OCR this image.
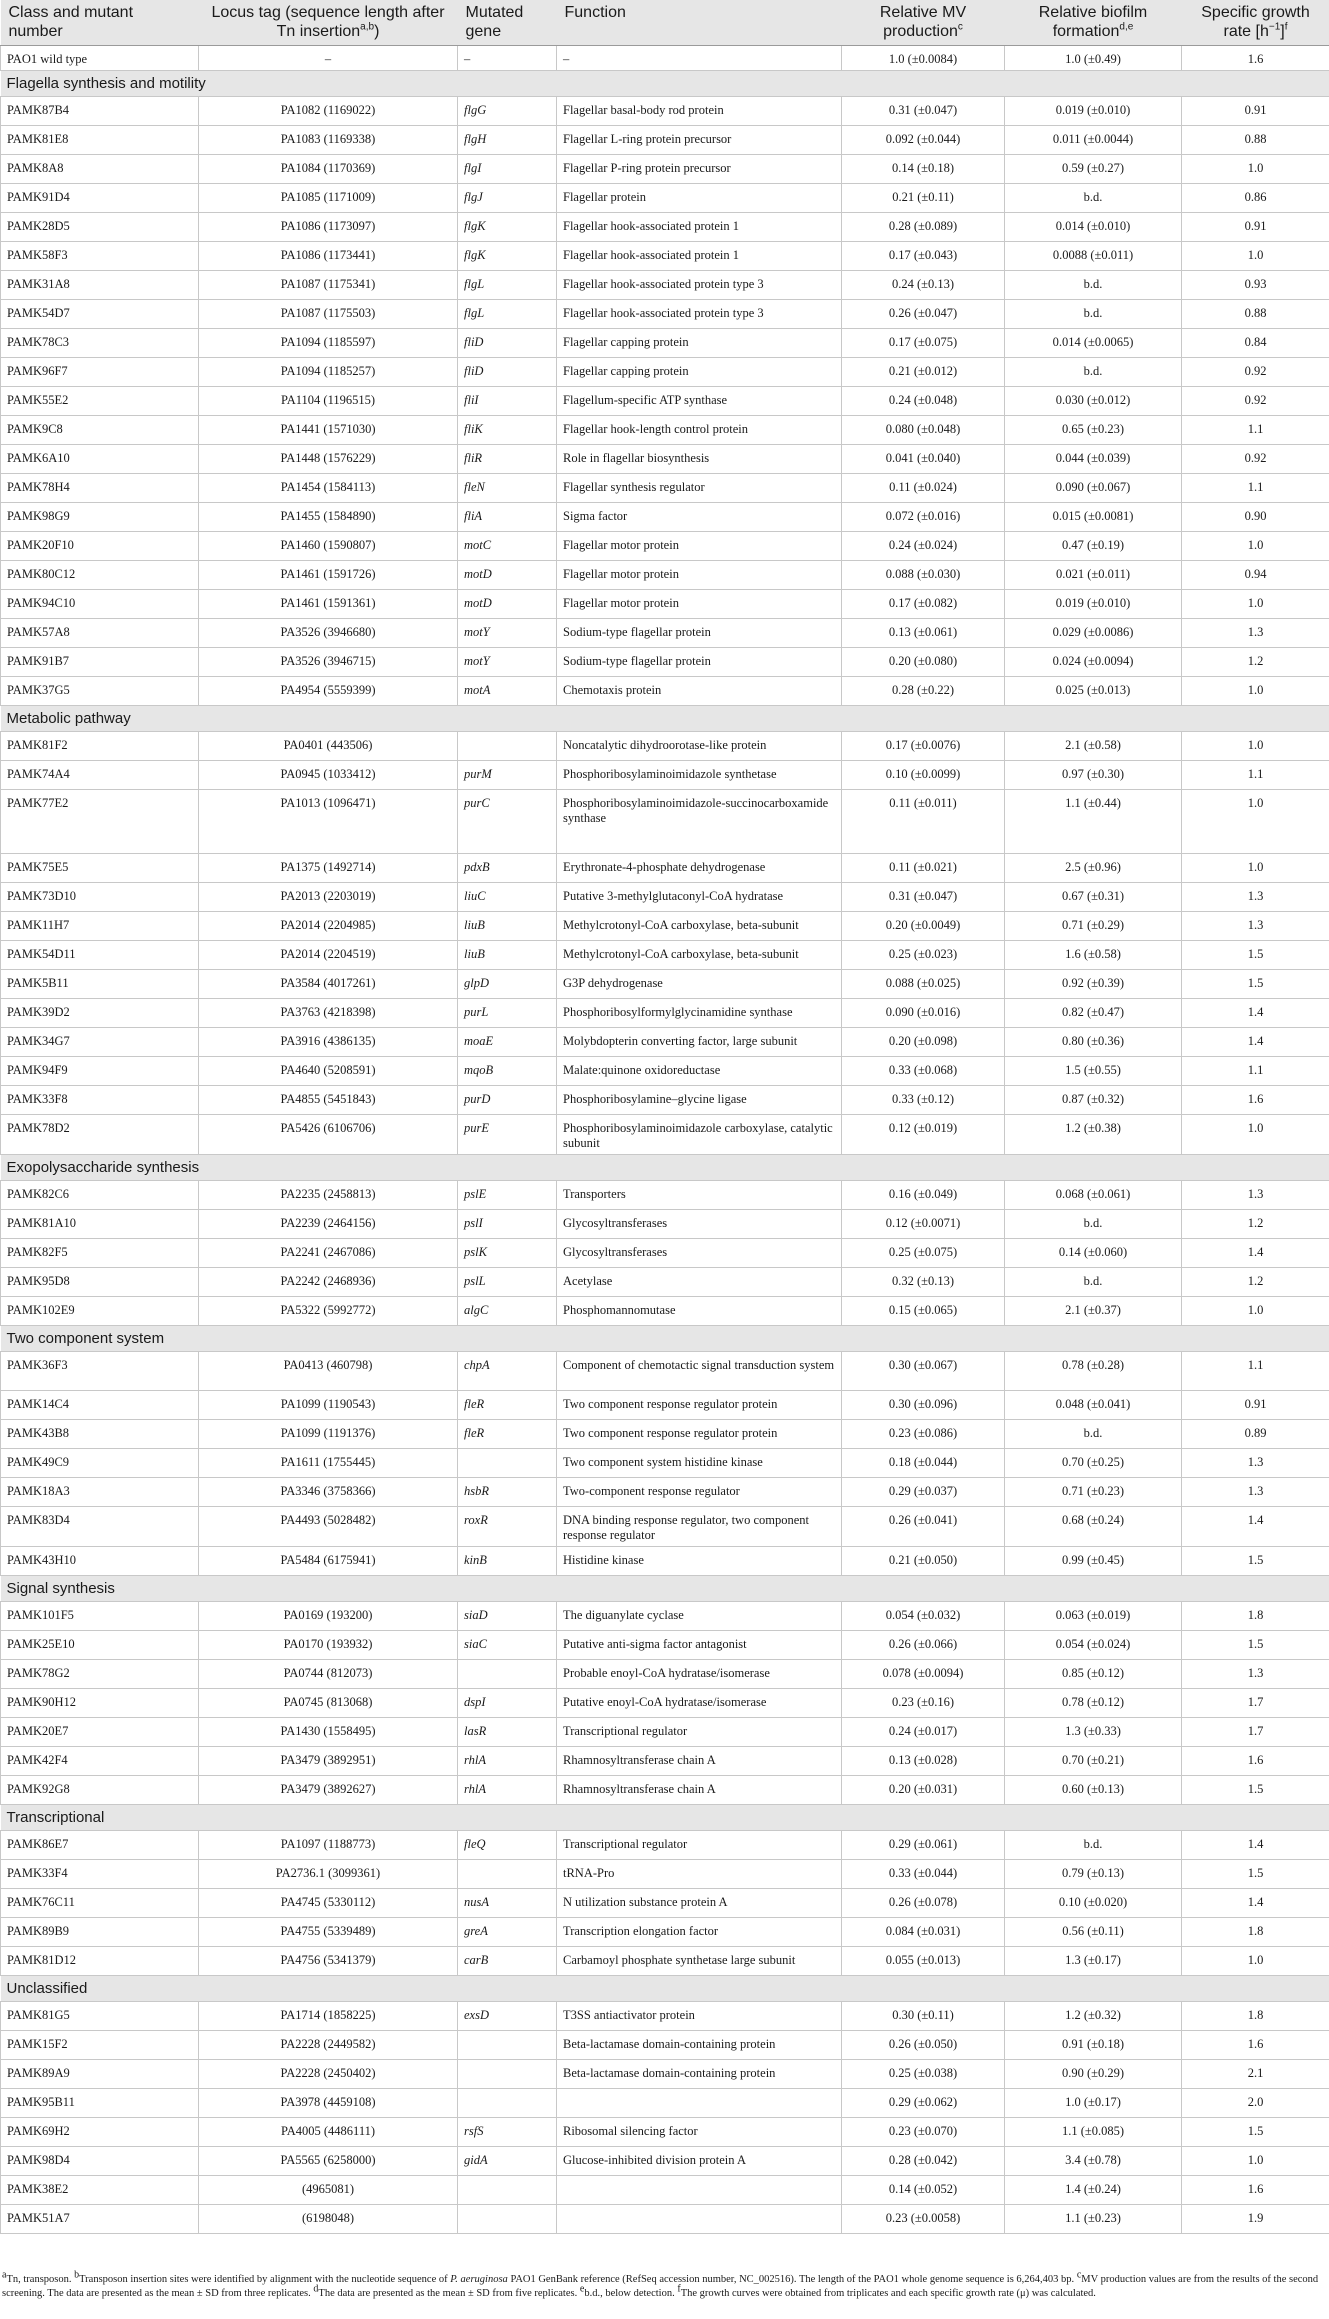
Class and mutant number	Locus tag (sequence length after Tn insertion$^{a,b}$)	Mutated gene	Function	Relative MV production$^c$	Relative biofilm formation$^{d,e}$	Specific growth rate $[h^{-1}]^f$
PAO1 wild type	–	–	–	1.0 (±0.0084)	1.0 (±0.49)	1.6
Flagella synthesis and motility						
PAMK87B4	PA1082 (1169022)	flgG	Flagellar basal-body rod protein	0.31 (±0.047)	0.019 (±0.010)	0.91
PAMK81E8	PA1083 (1169338)	flgH	Flagellar L-ring protein precursor	0.092 (±0.044)	0.011 (±0.0044)	0.88
PAMK8A8	PA1084 (1170369)	flgI	Flagellar P-ring protein precursor	0.14 (±0.18)	0.59 (±0.27)	1.0
PAMK91D4	PA1085 (1171009)	flgJ	Flagellar protein	0.21 (±0.11)	b.d.	0.86
PAMK28D5	PA1086 (1173097)	flgK	Flagellar hook-associated protein 1	0.28 (±0.089)	0.014 (±0.010)	0.91
PAMK58F3	PA1086 (1173441)	flgK	Flagellar hook-associated protein 1	0.17 (±0.043)	0.0088 (±0.011)	1.0
PAMK31A8	PA1087 (1175341)	flgL	Flagellar hook-associated protein type 3	0.24 (±0.13)	b.d.	0.93
PAMK54D7	PA1087 (1175503)	flgL	Flagellar hook-associated protein type 3	0.26 (±0.047)	b.d.	0.88
PAMK78C3	PA1094 (1185597)	fliD	Flagellar capping protein	0.17 (±0.075)	0.014 (±0.0065)	0.84
PAMK96F7	PA1094 (1185257)	fliD	Flagellar capping protein	0.21 (±0.012)	b.d.	0.92
PAMK55E2	PA1104 (1196515)	fliI	Flagellum-specific ATP synthase	0.24 (±0.048)	0.030 (±0.012)	0.92
PAMK9C8	PA1441 (1571030)	fliK	Flagellar hook-length control protein	0.080 (±0.048)	0.65 (±0.23)	1.1
PAMK6A10	PA1448 (1576229)	fliR	Role in flagellar biosynthesis	0.041 (±0.040)	0.044 (±0.039)	0.92
PAMK78H4	PA1454 (1584113)	fleN	Flagellar synthesis regulator	0.11 (±0.024)	0.090 (±0.067)	1.1
PAMK98G9	PA1455 (1584890)	fliA	Sigma factor	0.072 (±0.016)	0.015 (±0.0081)	0.90
PAMK20F10	PA1460 (1590807)	motC	Flagellar motor protein	0.24 (±0.024)	0.47 (±0.19)	1.0
PAMK80C12	PA1461 (1591726)	motD	Flagellar motor protein	0.088 (±0.030)	0.021 (±0.011)	0.94
PAMK94C10	PA1461 (1591361)	motD	Flagellar motor protein	0.17 (±0.082)	0.019 (±0.010)	1.0
PAMK57A8	PA3526 (3946680)	motY	Sodium-type flagellar protein	0.13 (±0.061)	0.029 (±0.0086)	1.3
PAMK91B7	PA3526 (3946715)	motY	Sodium-type flagellar protein	0.20 (±0.080)	0.024 (±0.0094)	1.2
PAMK37G5	PA4954 (5559399)	motA	Chemotaxis protein	0.28 (±0.22)	0.025 (±0.013)	1.0
Metabolic pathway						
PAMK81F2	PA0401 (443506)		Noncatalytic dihydroorotase-like protein	0.17 (±0.0076)	2.1 (±0.58)	1.0
PAMK74A4	PA0945 (1033412)	purM	Phosphoribosylaminoimidazole synthetase	0.10 (±0.0099)	0.97 (±0.30)	1.1
PAMK77E2	PA1013 (1096471)	purC	Phosphoribosylaminoimidazole-succinocarboxamide synthase	0.11 (±0.011)	1.1 (±0.44)	1.0
PAMK75E5	PA1375 (1492714)	pdxB	Erythronate-4-phosphate dehydrogenase	0.11 (±0.021)	2.5 (±0.96)	1.0
PAMK73D10	PA2013 (2203019)	liuC	Putative 3-methylglutaconyl-CoA hydratase	0.31 (±0.047)	0.67 (±0.31)	1.3
PAMK11H7	PA2014 (2204985)	liuB	Methylcrotonyl-CoA carboxylase, beta-subunit	0.20 (±0.0049)	0.71 (±0.29)	1.3
PAMK54D11	PA2014 (2204519)	liuB	Methylcrotonyl-CoA carboxylase, beta-subunit	0.25 (±0.023)	1.6 (±0.58)	1.5
PAMK5B11	PA3584 (4017261)	glpD	G3P dehydrogenase	0.088 (±0.025)	0.92 (±0.39)	1.5
PAMK39D2	PA3763 (4218398)	purL	Phosphoribosylformylglycinamidine synthase	0.090 (±0.016)	0.82 (±0.47)	1.4
PAMK34G7	PA3916 (4386135)	moaE	Molybdopterin converting factor, large subunit	0.20 (±0.098)	0.80 (±0.36)	1.4
PAMK94F9	PA4640 (5208591)	mqoB	Malate:quinone oxidoreductase	0.33 (±0.068)	1.5 (±0.55)	1.1
PAMK33F8	PA4855 (5451843)	purD	Phosphoribosylamine–glycine ligase	0.33 (±0.12)	0.87 (±0.32)	1.6
PAMK78D2	PA5426 (6106706)	purE	Phosphoribosylaminoimidazole carboxylase, catalytic subunit	0.12 (±0.019)	1.2 (±0.38)	1.0
Exopolysaccharide synthesis						
PAMK82C6	PA2235 (2458813)	pslE	Transporters	0.16 (±0.049)	0.068 (±0.061)	1.3
PAMK81A10	PA2239 (2464156)	pslI	Glycosyltransferases	0.12 (±0.0071)	b.d.	1.2
PAMK82F5	PA2241 (2467086)	pslK	Glycosyltransferases	0.25 (±0.075)	0.14 (±0.060)	1.4
PAMK95D8	PA2242 (2468936)	pslL	Acetylase	0.32 (±0.13)	b.d.	1.2
PAMK102E9	PA5322 (5992772)	algC	Phosphomannomutase	0.15 (±0.065)	2.1 (±0.37)	1.0
Two component system						
PAMK36F3	PA0413 (460798)	chpA	Component of chemotactic signal transduction system	0.30 (±0.067)	0.78 (±0.28)	1.1
PAMK14C4	PA1099 (1190543)	fleR	Two component response regulator protein	0.30 (±0.096)	0.048 (±0.041)	0.91
PAMK43B8	PA1099 (1191376)	fleR	Two component response regulator protein	0.23 (±0.086)	b.d.	0.89
PAMK49C9	PA1611 (1755445)		Two component system histidine kinase	0.18 (±0.044)	0.70 (±0.25)	1.3
PAMK18A3	PA3346 (3758366)	hsbR	Two-component response regulator	0.29 (±0.037)	0.71 (±0.23)	1.3
PAMK83D4	PA4493 (5028482)	roxR	DNA binding response regulator, two component response regulator	0.26 (±0.041)	0.68 (±0.24)	1.4
PAMK43H10	PA5484 (6175941)	kinB	Histidine kinase	0.21 (±0.050)	0.99 (±0.45)	1.5
Signal synthesis						
PAMK101F5	PA0169 (193200)	siaD	The diguanylate cyclase	0.054 (±0.032)	0.063 (±0.019)	1.8
PAMK25E10	PA0170 (193932)	siaC	Putative anti-sigma factor antagonist	0.26 (±0.066)	0.054 (±0.024)	1.5
PAMK78G2	PA0744 (812073)		Probable enoyl-CoA hydratase/isomerase	0.078 (±0.0094)	0.85 (±0.12)	1.3
PAMK90H12	PA0745 (813068)	dspI	Putative enoyl-CoA hydratase/isomerase	0.23 (±0.16)	0.78 (±0.12)	1.7
PAMK20E7	PA1430 (1558495)	lasR	Transcriptional regulator	0.24 (±0.017)	1.3 (±0.33)	1.7
PAMK42F4	PA3479 (3892951)	rhlA	Rhamnosyltransferase chain A	0.13 (±0.028)	0.70 (±0.21)	1.6
PAMK92G8	PA3479 (3892627)	rhlA	Rhamnosyltransferase chain A	0.20 (±0.031)	0.60 (±0.13)	1.5
Transcriptional						
PAMK86E7	PA1097 (1188773)	fleQ	Transcriptional regulator	0.29 (±0.061)	b.d.	1.4
PAMK33F4	PA2736.1 (3099361)		tRNA-Pro	0.33 (±0.044)	0.79 (±0.13)	1.5
PAMK76C11	PA4745 (5330112)	nusA	N utilization substance protein A	0.26 (±0.078)	0.10 (±0.020)	1.4
PAMK89B9	PA4755 (5339489)	greA	Transcription elongation factor	0.084 (±0.031)	0.56 (±0.11)	1.8
PAMK81D12	PA4756 (5341379)	carB	Carbamoyl phosphate synthetase large subunit	0.055 (±0.013)	1.3 (±0.17)	1.0
Unclassified						
PAMK81G5	PA1714 (1858225)	exsD	T3SS antiactivator protein	0.30 (±0.11)	1.2 (±0.32)	1.8
PAMK15F2	PA2228 (2449582)		Beta-lactamase domain-containing protein	0.26 (±0.050)	0.91 (±0.18)	1.6
PAMK89A9	PA2228 (2450402)		Beta-lactamase domain-containing protein	0.25 (±0.038)	0.90 (±0.29)	2.1
PAMK95B11	PA3978 (4459108)			0.29 (±0.062)	1.0 (±0.17)	2.0
PAMK69H2	PA4005 (4486111)	rsfS	Ribosomal silencing factor	0.23 (±0.070)	1.1 (±0.085)	1.5
PAMK98D4	PA5565 (6258000)	gidA	Glucose-inhibited division protein A	0.28 (±0.042)	3.4 (±0.78)	1.0
PAMK38E2	(4965081)			0.14 (±0.052)	1.4 (±0.24)	1.6
PAMK51A7	(6198048)			0.23 (±0.0058)	1.1 (±0.23)	1.9
$^a$Tn, transposon. $^b$Transposon insertion sites were identified by alignment with the nucleotide sequence of P. aeruginosa PAO1 GenBank reference (RefSeq accession number, NC_002516). The length of the PAO1 whole genome sequence is 6,264,403 bp. $^c$MV production values are from the results of the second screening. The data are presented as the mean ± SD from three replicates. $^d$The data are presented as the mean ± SD from five replicates. $^e$b.d., below detection. $^f$The growth curves were obtained from triplicates and each specific growth rate (μ) was calculated.
